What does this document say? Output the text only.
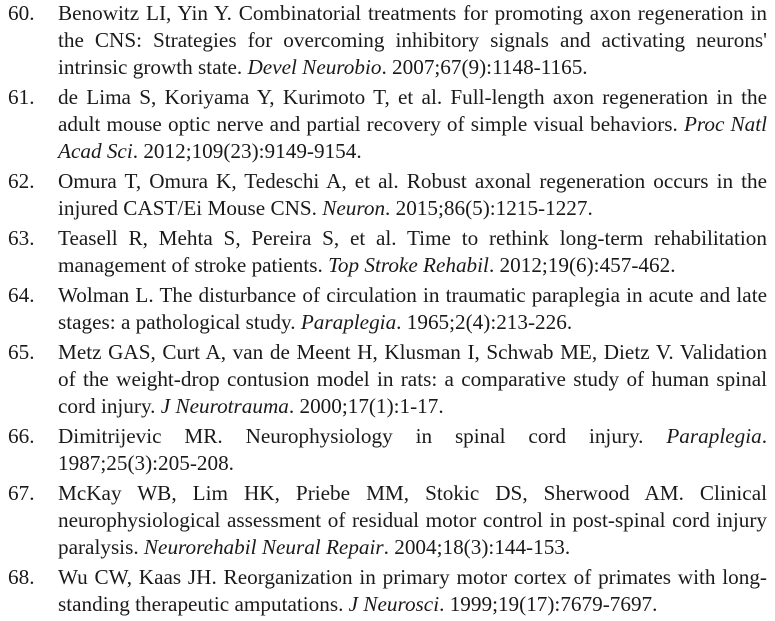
60. Benowitz LI, Yin Y. Combinatorial treatments for promoting axon regeneration in the CNS: Strategies for overcoming inhibitory signals and activating neurons' intrinsic growth state. Devel Neurobio. 2007;67(9):1148-1165.
61. de Lima S, Koriyama Y, Kurimoto T, et al. Full-length axon regeneration in the adult mouse optic nerve and partial recovery of simple visual behaviors. Proc Natl Acad Sci. 2012;109(23):9149-9154.
62. Omura T, Omura K, Tedeschi A, et al. Robust axonal regeneration occurs in the injured CAST/Ei Mouse CNS. Neuron. 2015;86(5):1215-1227.
63. Teasell R, Mehta S, Pereira S, et al. Time to rethink long-term rehabilitation management of stroke patients. Top Stroke Rehabil. 2012;19(6):457-462.
64. Wolman L. The disturbance of circulation in traumatic paraplegia in acute and late stages: a pathological study. Paraplegia. 1965;2(4):213-226.
65. Metz GAS, Curt A, van de Meent H, Klusman I, Schwab ME, Dietz V. Validation of the weight-drop contusion model in rats: a comparative study of human spinal cord injury. J Neurotrauma. 2000;17(1):1-17.
66. Dimitrijevic MR. Neurophysiology in spinal cord injury. Paraplegia. 1987;25(3):205-208.
67. McKay WB, Lim HK, Priebe MM, Stokic DS, Sherwood AM. Clinical neurophysiological assessment of residual motor control in post-spinal cord injury paralysis. Neurorehabil Neural Repair. 2004;18(3):144-153.
68. Wu CW, Kaas JH. Reorganization in primary motor cortex of primates with long-standing therapeutic amputations. J Neurosci. 1999;19(17):7679-7697.
